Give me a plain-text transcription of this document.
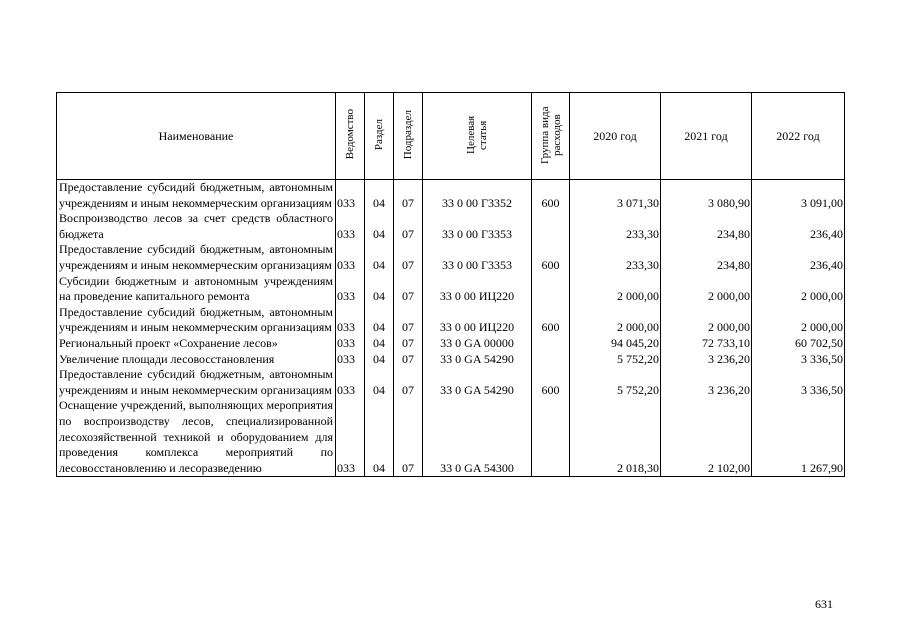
Наименование	Ведомство	Раздел	Подраздел	Целевая статья	Группа вида расходов	2020 год	2021 год	2022 год
Предоставление субсидий бюджетным, автономным учреждениям и иным некоммерческим организациям	033	04	07	33 0 00 Г3352	600	3 071,30	3 080,90	3 091,00
Воспроизводство лесов за счет средств областного бюджета	033	04	07	33 0 00 Г3353		233,30	234,80	236,40
Предоставление субсидий бюджетным, автономным учреждениям и иным некоммерческим организациям	033	04	07	33 0 00 Г3353	600	233,30	234,80	236,40
Субсидии бюджетным и автономным учреждениям на проведение капитального ремонта	033	04	07	33 0 00 ИЦ220		2 000,00	2 000,00	2 000,00
Предоставление субсидий бюджетным, автономным учреждениям и иным некоммерческим организациям	033	04	07	33 0 00 ИЦ220	600	2 000,00	2 000,00	2 000,00
Региональный проект «Сохранение лесов»	033	04	07	33 0 GA 00000		94 045,20	72 733,10	60 702,50
Увеличение площади лесовосстановления	033	04	07	33 0 GA 54290		5 752,20	3 236,20	3 336,50
Предоставление субсидий бюджетным, автономным учреждениям и иным некоммерческим организациям	033	04	07	33 0 GA 54290	600	5 752,20	3 236,20	3 336,50
Оснащение учреждений, выполняющих мероприятия по воспроизводству лесов, специализированной лесохозяйственной техникой и оборудованием для проведения комплекса мероприятий по лесовосстановлению и лесоразведению	033	04	07	33 0 GA 54300		2 018,30	2 102,00	1 267,90
631
